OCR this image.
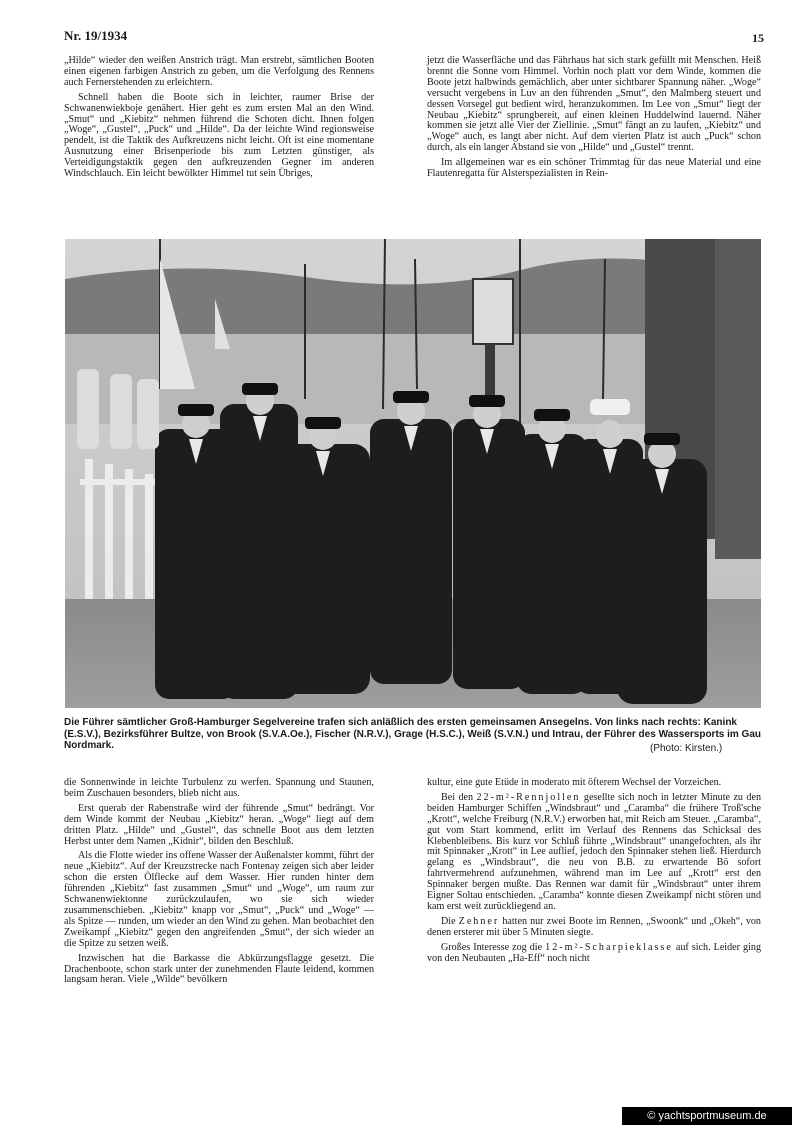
Nr. 19/1934	15

„Hilde“ wieder den weißen Anstrich trägt. Man erstrebt, sämtlichen Booten einen eigenen farbigen Anstrich zu geben, um die Verfolgung des Rennens auch Fernerstehenden zu erleichtern.

Schnell haben die Boote sich in leichter, raumer Brise der Schwanenwiekboje genähert. Hier geht es zum ersten Mal an den Wind. „Smut“ und „Kiebitz“ nehmen führend die Schoten dicht. Ihnen folgen „Woge“, „Gustel“, „Puck“ und „Hilde“. Da der leichte Wind regionsweise pendelt, ist die Taktik des Aufkreuzens nicht leicht. Oft ist eine momentane Ausnutzung einer Brisenperiode bis zum Letzten günstiger, als Verteidigungstaktik gegen den aufkreuzenden Gegner im anderen Windschlauch. Ein leicht bewölkter Himmel tut sein Übriges,

jetzt die Wasserfläche und das Fährhaus hat sich stark gefüllt mit Menschen. Heiß brennt die Sonne vom Himmel. Vorhin noch platt vor dem Winde, kommen die Boote jetzt halbwinds gemächlich, aber unter sichtbarer Spannung näher. „Woge“ versucht vergebens in Luv an den führenden „Smut“, den Malmberg steuert und dessen Vorsegel gut bedient wird, heranzukommen. Im Lee von „Smut“ liegt der Neubau „Kiebitz“ sprungbereit, auf einen kleinen Huddelwind lauernd. Näher kommen sie jetzt alle Vier der Ziellinie. „Smut“ fängt an zu laufen, „Kiebitz“ und „Woge“ auch, es langt aber nicht. Auf dem vierten Platz ist auch „Puck“ schon durch, als ein langer Abstand sie von „Hilde“ und „Gustel“ trennt.

Im allgemeinen war es ein schöner Trimmtag für das neue Material und eine Flautenregatta für Alsterspezialisten in Rein-

Die Führer sämtlicher Groß-Hamburger Segelvereine trafen sich anläßlich des ersten gemeinsamen Ansegelns. Von links nach rechts: Kanink (E.S.V.), Bezirksführer Bultze, von Brook (S.V.A.Oe.), Fischer (N.R.V.), Grage (H.S.C.), Weiß (S.V.N.) und Intrau, der Führer des Wassersports im Gau Nordmark.	(Photo: Kirsten.)

die Sonnenwinde in leichte Turbulenz zu werfen. Spannung und Staunen, beim Zuschauen besonders, blieb nicht aus.

Erst querab der Rabenstraße wird der führende „Smut“ bedrängt. Vor dem Winde kommt der Neubau „Kiebitz“ heran. „Woge“ liegt auf dem dritten Platz. „Hilde“ und „Gustel“, das schnelle Boot aus dem letzten Herbst unter dem Namen „Kidnir“, bilden den Beschluß.

Als die Flotte wieder ins offene Wasser der Außenalster kommt, führt der neue „Kiebitz“. Auf der Kreuzstrecke nach Fontenay zeigen sich aber leider schon die ersten Ölflecke auf dem Wasser. Hier runden hinter dem führenden „Kiebitz“ fast zusammen „Smut“ und „Woge“, um raum zur Schwanenwiektonne zurückzulaufen, wo sie sich wieder zusammenschieben. „Kiebitz“ knapp vor „Smut“, „Puck“ und „Woge“ — als Spitze — runden, um wieder an den Wind zu gehen. Man beobachtet den Zweikampf „Kiebitz“ gegen den angreifenden „Smut“, der sich wieder an die Spitze zu setzen weiß.

Inzwischen hat die Barkasse die Abkürzungsflagge gesetzt. Die Drachenboote, schon stark unter der zunehmenden Flaute leidend, kommen langsam heran. Viele „Wilde“ bevölkern

kultur, eine gute Etüde in moderato mit öfterem Wechsel der Vorzeichen.

Bei den 22-m²-Rennjollen gesellte sich noch in letzter Minute zu den beiden Hamburger Schiffen „Windsbraut“ und „Caramba“ die frühere Troß'sche „Krott“, welche Freiburg (N.R.V.) erworben hat, mit Reich am Steuer. „Caramba“, gut vom Start kommend, erlitt im Verlauf des Rennens das Schicksal des Klebenbleibens. Bis kurz vor Schluß führte „Windsbraut“ unangefochten, als ihr mit Spinnaker „Krott“ in Lee auflief, jedoch den Spinnaker stehen ließ. Hierdurch gelang es „Windsbraut“, die neu von B.B. zu erwartende Bö sofort fahrtvermehrend aufzunehmen, während man im Lee auf „Krott“ erst den Spinnaker bergen mußte. Das Rennen war damit für „Windsbraut“ unter ihrem Eigner Soltau entschieden. „Caramba“ konnte diesen Zweikampf nicht stören und kam erst weit zurückliegend an.

Die Zehner hatten nur zwei Boote im Rennen, „Swoonk“ und „Okeh“, von denen ersterer mit über 5 Minuten siegte.

Großes Interesse zog die 12-m²-Scharpieklasse auf sich. Leider ging von den Neubauten „Ha-Eff“ noch nicht

© yachtsportmuseum.de
